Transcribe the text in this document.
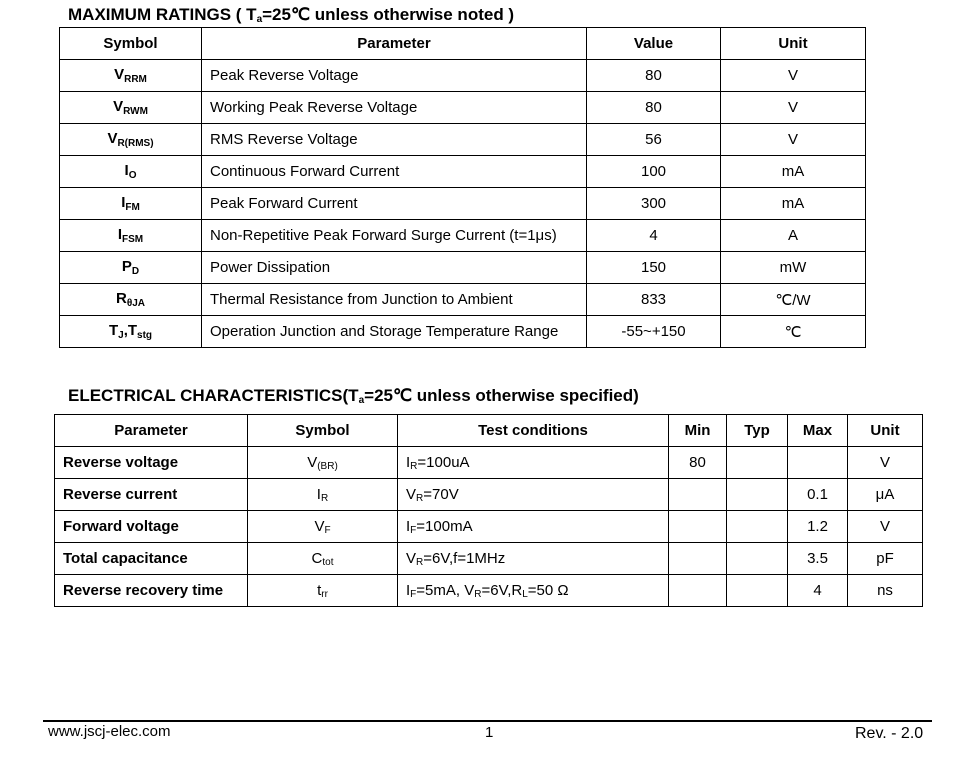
MAXIMUM RATINGS ( $T_a=25℃$ unless otherwise noted )
Symbol	Parameter	Value	Unit
$V_{RRM}$	Peak Reverse Voltage	80	V
$V_{RWM}$	Working Peak Reverse Voltage	80	V
$V_{R(RMS)}$	RMS Reverse Voltage	56	V
$I_O$	Continuous Forward Current	100	mA
$I_{FM}$	Peak Forward Current	300	mA
$I_{FSM}$	Non-Repetitive Peak Forward Surge Current (t=1μs)	4	A
$P_D$	Power Dissipation	150	mW
$R_{\theta JA}$	Thermal Resistance from Junction to Ambient	833	℃/W
$T_J,T_{stg}$	Operation Junction and Storage Temperature Range	-55~+150	℃
ELECTRICAL $CHARACTERISTICS(T_a=25℃$ unless otherwise specified)
Parameter	Symbol	Test conditions	Min	Typ	Max	Unit
Reverse voltage	$V_{(BR)}$	$I_R=100uA$	80			V
Reverse current	$I_R$	$V_R=70V$			0.1	μA
Forward voltage	$V_F$	$I_F=100mA$			1.2	V
Total capacitance	$C_{tot}$	$V_R=6V,f=1MHz$			3.5	pF
Reverse recovery time	$t_{rr}$	$I_F=5mA$, $V_R=6V,R_L=50$ Ω			4	ns
www.jscj-elec.com	1	Rev. - 2.0
